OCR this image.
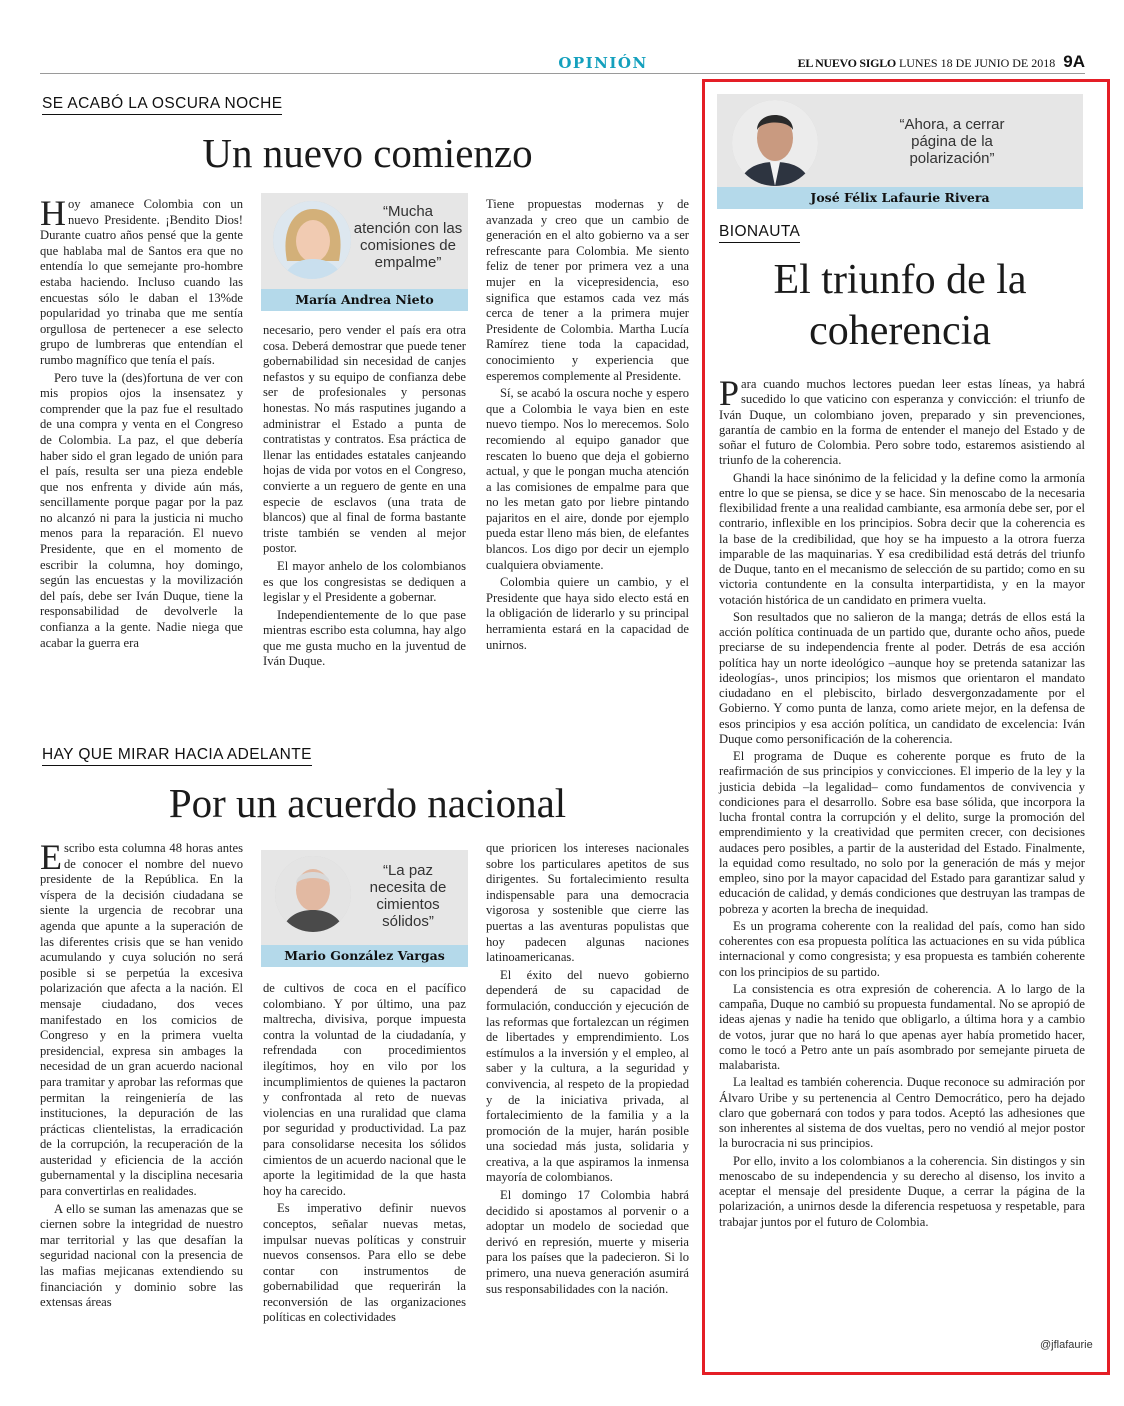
OPINIÓN	EL NUEVO SIGLO LUNES 18 DE JUNIO DE 2018 9A
SE ACABÓ LA OSCURA NOCHE
Un nuevo comienzo

Hoy amanece Colombia con un nuevo Presidente. ¡Bendito Dios! Durante cuatro años pensé que la gente que hablaba mal de Santos era que no entendía lo que semejante pro-hombre estaba haciendo. Incluso cuando las encuestas sólo le daban el 13%de popularidad yo trinaba que me sentía orgullosa de pertenecer a ese selecto grupo de lumbreras que entendían el rumbo magnífico que tenía el país.

Pero tuve la (des)fortuna de ver con mis propios ojos la insensatez y comprender que la paz fue el resultado de una compra y venta en el Congreso de Colombia. La paz, el que debería haber sido el gran legado de unión para el país, resulta ser una pieza endeble que nos enfrenta y divide aún más, sencillamente porque pagar por la paz no alcanzó ni para la justicia ni mucho menos para la reparación. El nuevo Presidente, que en el momento de escribir la columna, hoy domingo, según las encuestas y la movilización del país, debe ser Iván Duque, tiene la responsabilidad de devolverle la confianza a la gente. Nadie niega que acabar la guerra era

“Mucha atención con las comisiones de empalme”
María Andrea Nieto

necesario, pero vender el país era otra cosa. Deberá demostrar que puede tener gobernabilidad sin necesidad de canjes nefastos y su equipo de confianza debe ser de profesionales y personas honestas. No más rasputines jugando a administrar el Estado a punta de contratistas y contratos. Esa práctica de llenar las entidades estatales canjeando hojas de vida por votos en el Congreso, convierte a un reguero de gente en una especie de esclavos (una trata de blancos) que al final de forma bastante triste también se venden al mejor postor.

El mayor anhelo de los colombianos es que los congresistas se dediquen a legislar y el Presidente a gobernar.

Independientemente de lo que pase mientras escribo esta columna, hay algo que me gusta mucho en la juventud de Iván Duque.

Tiene propuestas modernas y de avanzada y creo que un cambio de generación en el alto gobierno va a ser refrescante para Colombia. Me siento feliz de tener por primera vez a una mujer en la vicepresidencia, eso significa que estamos cada vez más cerca de tener a la primera mujer Presidente de Colombia. Martha Lucía Ramírez tiene toda la capacidad, conocimiento y experiencia que esperemos complemente al Presidente.

Sí, se acabó la oscura noche y espero que a Colombia le vaya bien en este nuevo tiempo. Nos lo merecemos. Solo recomiendo al equipo ganador que rescaten lo bueno que deja el gobierno actual, y que le pongan mucha atención a las comisiones de empalme para que no les metan gato por liebre pintando pajaritos en el aire, donde por ejemplo pueda estar lleno más bien, de elefantes blancos. Los digo por decir un ejemplo cualquiera obviamente.

Colombia quiere un cambio, y el Presidente que haya sido electo está en la obligación de liderarlo y su principal herramienta estará en la capacidad de unirnos.

HAY QUE MIRAR HACIA ADELANTE
Por un acuerdo nacional

Escribo esta columna 48 horas antes de conocer el nombre del nuevo presidente de la República. En la víspera de la decisión ciudadana se siente la urgencia de recobrar una agenda que apunte a la superación de las diferentes crisis que se han venido acumulando y cuya solución no será posible si se perpetúa la excesiva polarización que afecta a la nación. El mensaje ciudadano, dos veces manifestado en los comicios de Congreso y en la primera vuelta presidencial, expresa sin ambages la necesidad de un gran acuerdo nacional para tramitar y aprobar las reformas que permitan la reingeniería de las instituciones, la depuración de las prácticas clientelistas, la erradicación de la corrupción, la recuperación de la austeridad y eficiencia de la acción gubernamental y la disciplina necesaria para convertirlas en realidades.

A ello se suman las amenazas que se ciernen sobre la integridad de nuestro mar territorial y las que desafían la seguridad nacional con la presencia de las mafias mejicanas extendiendo su financiación y dominio sobre las extensas áreas

“La paz necesita de cimientos sólidos”
Mario González Vargas

de cultivos de coca en el pacífico colombiano. Y por último, una paz maltrecha, divisiva, porque impuesta contra la voluntad de la ciudadanía, y refrendada con procedimientos ilegítimos, hoy en vilo por los incumplimientos de quienes la pactaron y confrontada al reto de nuevas violencias en una ruralidad que clama por seguridad y productividad. La paz para consolidarse necesita los sólidos cimientos de un acuerdo nacional que le aporte la legitimidad de la que hasta hoy ha carecido.

Es imperativo definir nuevos conceptos, señalar nuevas metas, impulsar nuevas políticas y construir nuevos consensos. Para ello se debe contar con instrumentos de gobernabilidad que requerirán la reconversión de las organizaciones políticas en colectividades

que prioricen los intereses nacionales sobre los particulares apetitos de sus dirigentes. Su fortalecimiento resulta indispensable para una democracia vigorosa y sostenible que cierre las puertas a las aventuras populistas que hoy padecen algunas naciones latinoamericanas.

El éxito del nuevo gobierno dependerá de su capacidad de formulación, conducción y ejecución de las reformas que fortalezcan un régimen de libertades y emprendimiento. Los estímulos a la inversión y el empleo, al saber y la cultura, a la seguridad y convivencia, al respeto de la propiedad y de la iniciativa privada, al fortalecimiento de la familia y a la promoción de la mujer, harán posible una sociedad más justa, solidaria y creativa, a la que aspiramos la inmensa mayoría de colombianos.

El domingo 17 Colombia habrá decidido si apostamos al porvenir o a adoptar un modelo de sociedad que derivó en represión, muerte y miseria para los países que la padecieron. Si lo primero, una nueva generación asumirá sus responsabilidades con la nación.

“Ahora, a cerrar página de la polarización”
José Félix Lafaurie Rivera
BIONAUTA
El triunfo de la coherencia

Para cuando muchos lectores puedan leer estas líneas, ya habrá sucedido lo que vaticino con esperanza y convicción: el triunfo de Iván Duque, un colombiano joven, preparado y sin prevenciones, garantía de cambio en la forma de entender el manejo del Estado y de soñar el futuro de Colombia. Pero sobre todo, estaremos asistiendo al triunfo de la coherencia.

Ghandi la hace sinónimo de la felicidad y la define como la armonía entre lo que se piensa, se dice y se hace. Sin menoscabo de la necesaria flexibilidad frente a una realidad cambiante, esa armonía debe ser, por el contrario, inflexible en los principios. Sobra decir que la coherencia es la base de la credibilidad, que hoy se ha impuesto a la otrora fuerza imparable de las maquinarias. Y esa credibilidad está detrás del triunfo de Duque, tanto en el mecanismo de selección de su partido; como en su victoria contundente en la consulta interpartidista, y en la mayor votación histórica de un candidato en primera vuelta.

Son resultados que no salieron de la manga; detrás de ellos está la acción política continuada de un partido que, durante ocho años, puede preciarse de su independencia frente al poder. Detrás de esa acción política hay un norte ideológico –aunque hoy se pretenda satanizar las ideologías-, unos principios; los mismos que orientaron el mandato ciudadano en el plebiscito, birlado desvergonzadamente por el Gobierno. Y como punta de lanza, como ariete mejor, en la defensa de esos principios y esa acción política, un candidato de excelencia: Iván Duque como personificación de la coherencia.

El programa de Duque es coherente porque es fruto de la reafirmación de sus principios y convicciones. El imperio de la ley y la justicia debida –la legalidad– como fundamentos de convivencia y condiciones para el desarrollo. Sobre esa base sólida, que incorpora la lucha frontal contra la corrupción y el delito, surge la promoción del emprendimiento y la creatividad que permiten crecer, con decisiones audaces pero posibles, a partir de la austeridad del Estado. Finalmente, la equidad como resultado, no solo por la generación de más y mejor empleo, sino por la mayor capacidad del Estado para garantizar salud y educación de calidad, y demás condiciones que destruyan las trampas de pobreza y acorten la brecha de inequidad.

Es un programa coherente con la realidad del país, como han sido coherentes con esa propuesta política las actuaciones en su vida pública internacional y como congresista; y esa propuesta es también coherente con los principios de su partido.

La consistencia es otra expresión de coherencia. A lo largo de la campaña, Duque no cambió su propuesta fundamental. No se apropió de ideas ajenas y nadie ha tenido que obligarlo, a última hora y a cambio de votos, jurar que no hará lo que apenas ayer había prometido hacer, como le tocó a Petro ante un país asombrado por semejante pirueta de malabarista.

La lealtad es también coherencia. Duque reconoce su admiración por Álvaro Uribe y su pertenencia al Centro Democrático, pero ha dejado claro que gobernará con todos y para todos. Aceptó las adhesiones que son inherentes al sistema de dos vueltas, pero no vendió al mejor postor la burocracia ni sus principios.

Por ello, invito a los colombianos a la coherencia. Sin distingos y sin menoscabo de su independencia y su derecho al disenso, los invito a aceptar el mensaje del presidente Duque, a cerrar la página de la polarización, a unirnos desde la diferencia respetuosa y respetable, para trabajar juntos por el futuro de Colombia.

@jflafaurie
